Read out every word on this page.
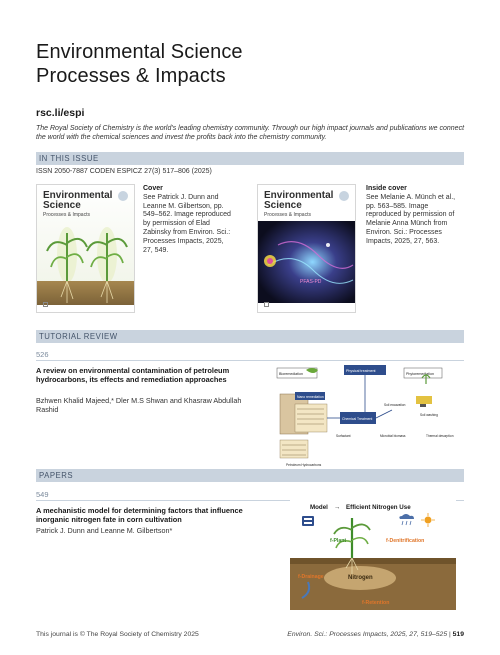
Environmental Science
Processes & Impacts
rsc.li/espi
The Royal Society of Chemistry is the world's leading chemistry community. Through our high impact journals and publications we connect the world with the chemical sciences and invest the profits back into the chemistry community.
IN THIS ISSUE
ISSN 2050-7887 CODEN ESPICZ 27(3) 517–806 (2025)
Environmental
Science
Processes & Impacts
Cover
See Patrick J. Dunn and Leanne M. Gilbertson, pp. 549–562. Image reproduced by permission of Elad Zabinsky from Environ. Sci.: Processes Impacts, 2025, 27, 549.
PFAS-PD
Environmental
Science
Processes & Impacts
Inside cover
See Melanie A. Münch et al., pp. 563–585. Image reproduced by permission of Melanie Anna Münch from Environ. Sci.: Processes Impacts, 2025, 27, 563.
TUTORIAL REVIEW
526
A review on environmental contamination of petroleum hydrocarbons, its effects and remediation approaches
Bzhwen Khalid Majeed,* Dler M.S Shwan and Khasraw Abdullah Rashid
Bioremediation
Physical treatment
Phytoremediation
Nano remediation
Chemical Treatment
Soil excavation
Soil washing
Surfactant	Microbial biomass	Thermal desorption
Petroleum Hydrocarbons
PAPERS
549
A mechanistic model for determining factors that influence inorganic nitrogen fate in corn cultivation
Patrick J. Dunn and Leanne M. Gilbertson*
Model → Efficient Nitrogen Use
f-Plant	f-Denitrification
Nitrogen
f-Drainage
f-Retention
This journal is © The Royal Society of Chemistry 2025	Environ. Sci.: Processes Impacts, 2025, 27, 519–525 | 519
